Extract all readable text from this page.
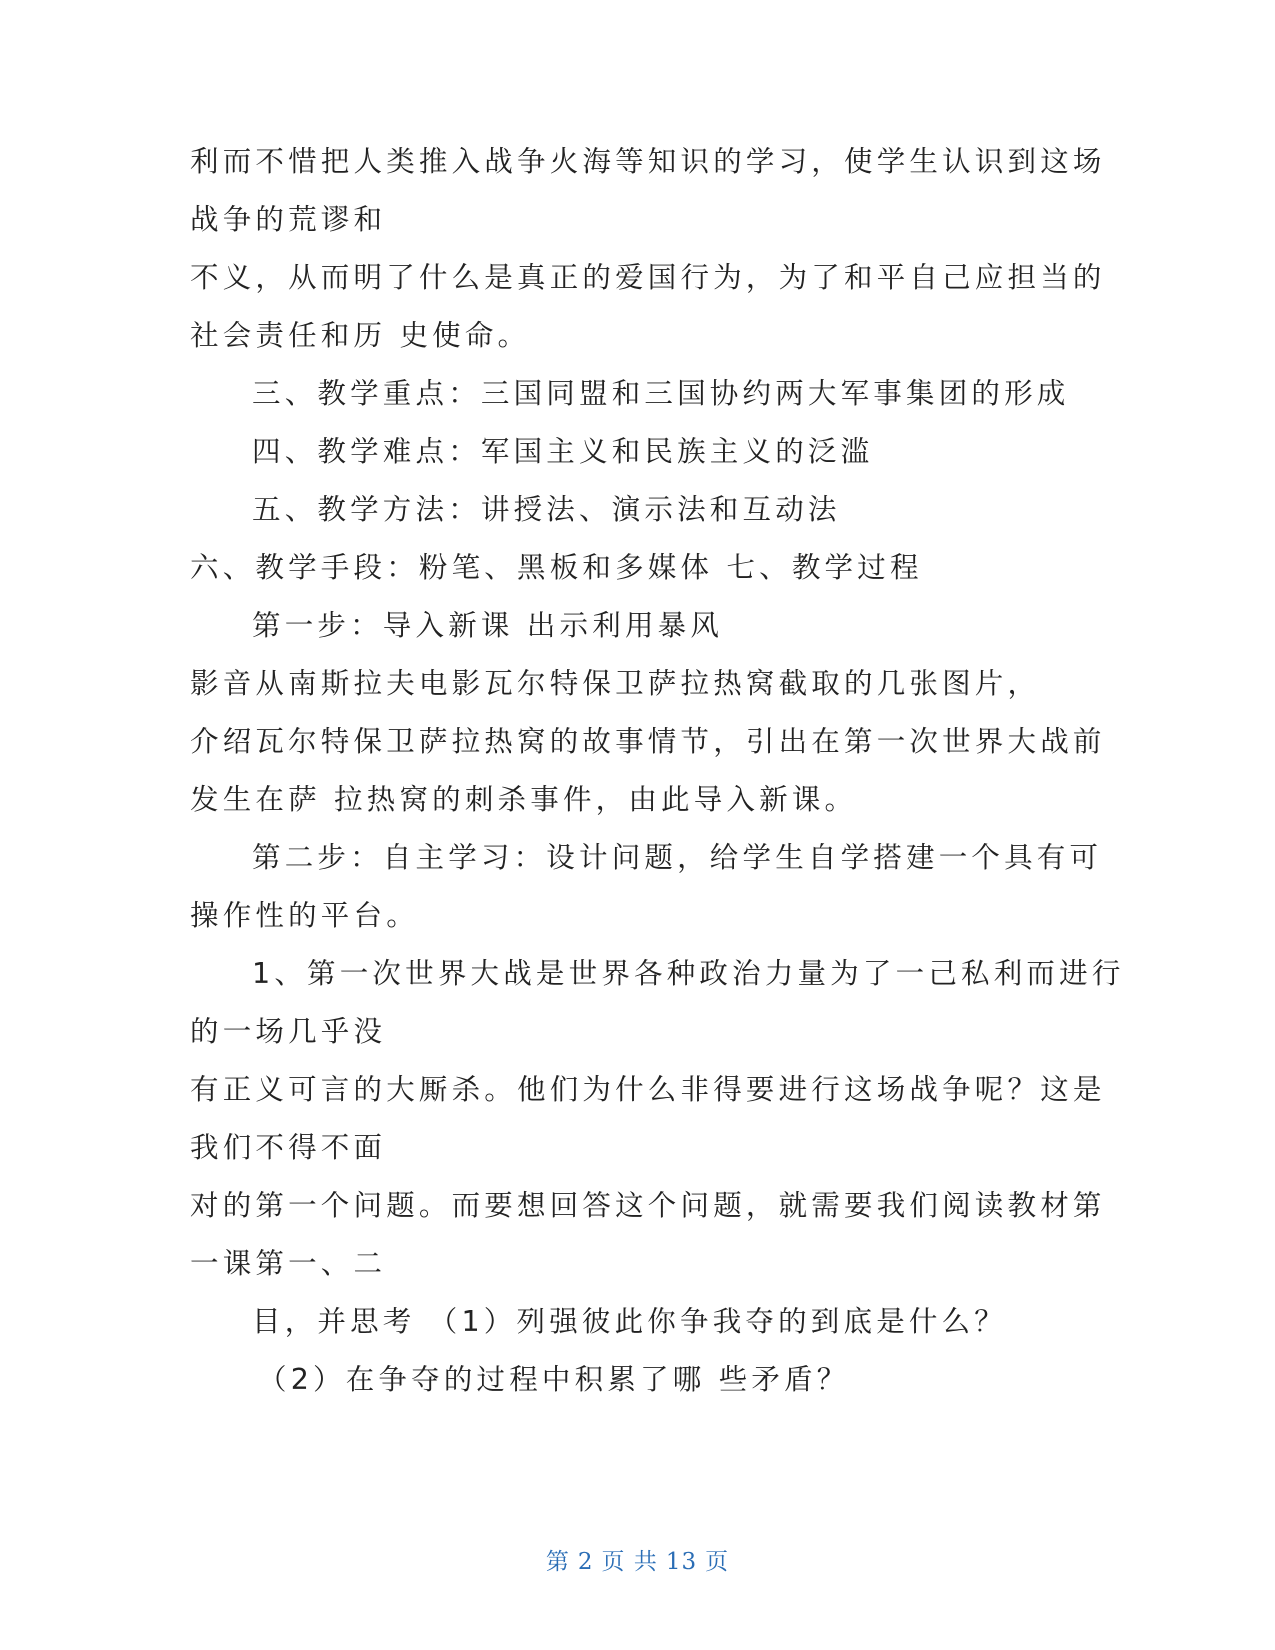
利而不惜把人类推入战争火海等知识的学习，使学生认识到这场
战争的荒谬和
不义，从而明了什么是真正的爱国行为，为了和平自己应担当的
社会责任和历 史使命。
三、教学重点：三国同盟和三国协约两大军事集团的形成
四、教学难点：军国主义和民族主义的泛滥
五、教学方法：讲授法、演示法和互动法
六、教学手段：粉笔、黑板和多媒体 七、教学过程
第一步：导入新课 出示利用暴风
影音从南斯拉夫电影瓦尔特保卫萨拉热窝截取的几张图片，
介绍瓦尔特保卫萨拉热窝的故事情节，引出在第一次世界大战前
发生在萨 拉热窝的刺杀事件，由此导入新课。
第二步：自主学习：设计问题，给学生自学搭建一个具有可
操作性的平台。
1、第一次世界大战是世界各种政治力量为了一己私利而进行
的一场几乎没
有正义可言的大厮杀。他们为什么非得要进行这场战争呢？这是
我们不得不面
对的第一个问题。而要想回答这个问题，就需要我们阅读教材第
一课第一、二
目，并思考 （1）列强彼此你争我夺的到底是什么？
（2）在争夺的过程中积累了哪 些矛盾？
第 2 页 共 13 页
